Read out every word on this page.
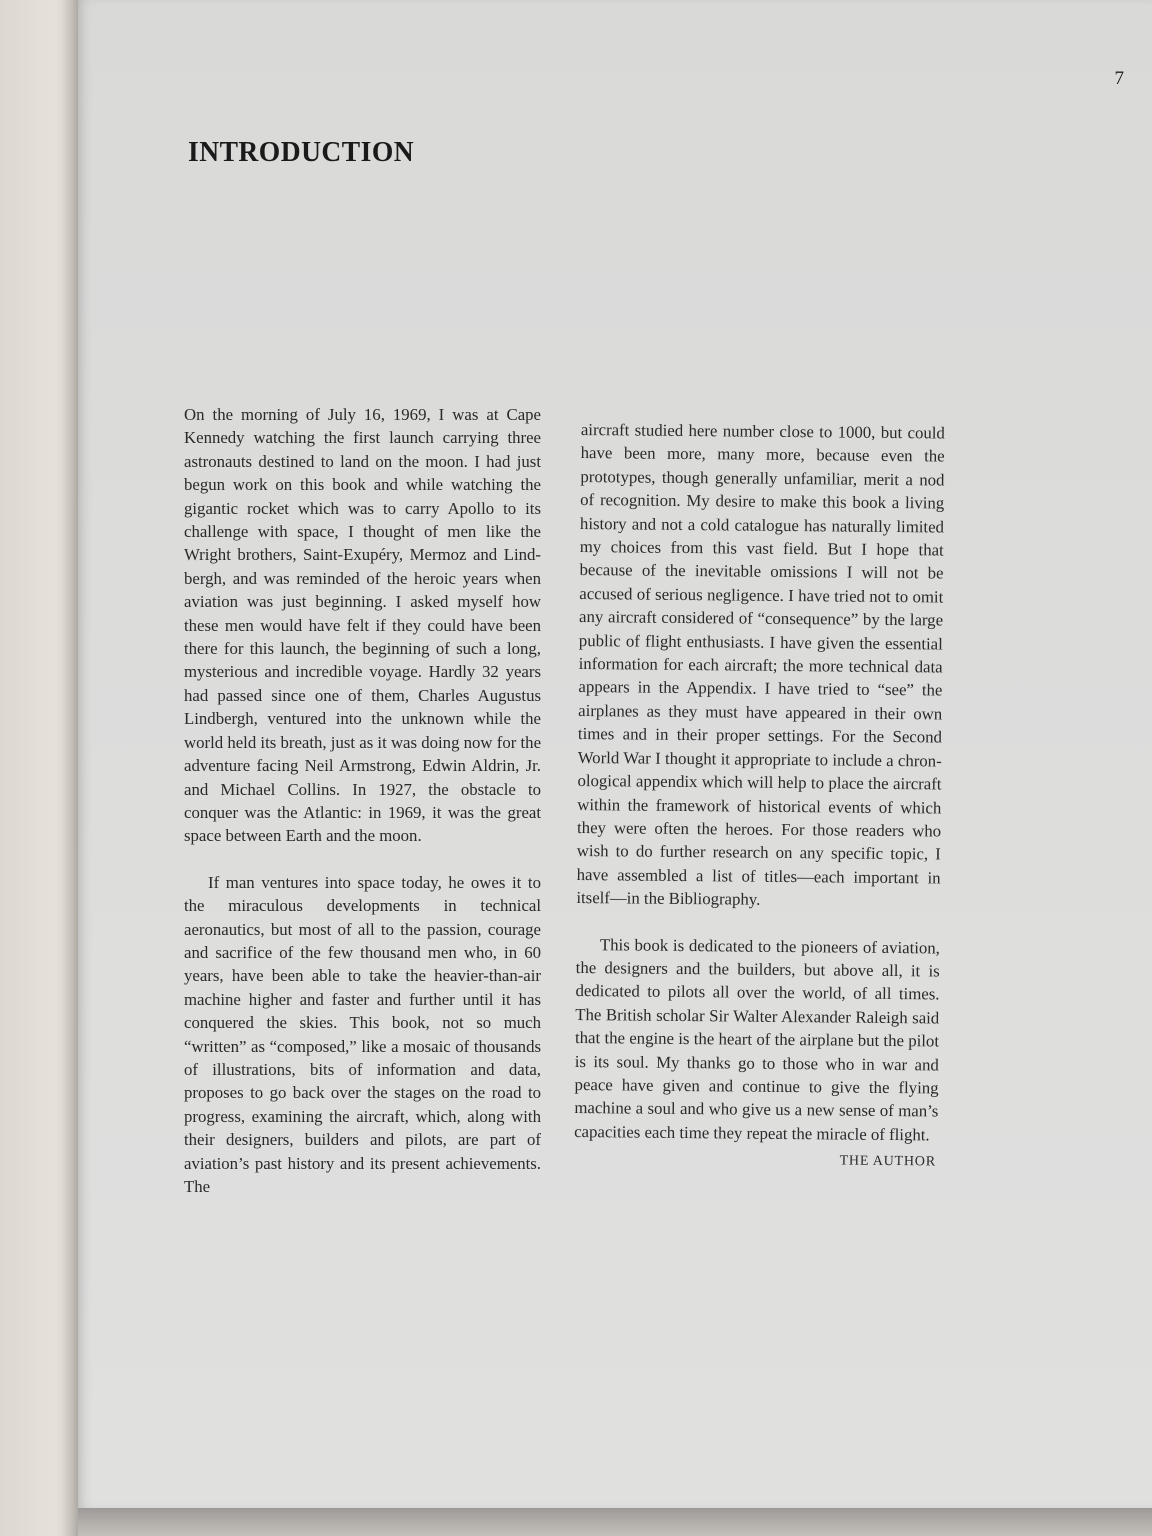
7
INTRODUCTION

On the morning of July 16, 1969, I was at Cape Kennedy watching the first launch carrying three astronauts destined to land on the moon. I had just begun work on this book and while watching the gigantic rocket which was to carry Apollo to its challenge with space, I thought of men like the Wright brothers, Saint-Exupéry, Mermoz and Lindbergh, and was reminded of the heroic years when aviation was just beginning. I asked myself how these men would have felt if they could have been there for this launch, the beginning of such a long, mysterious and incredible voyage. Hardly 32 years had passed since one of them, Charles Augustus Lindbergh, ventured into the unknown while the world held its breath, just as it was doing now for the adventure facing Neil Armstrong, Edwin Aldrin, Jr. and Michael Collins. In 1927, the obstacle to conquer was the Atlantic: in 1969, it was the great space between Earth and the moon.

If man ventures into space today, he owes it to the miraculous developments in technical aeronautics, but most of all to the passion, courage and sacrifice of the few thousand men who, in 60 years, have been able to take the heavier-than-air machine higher and faster and further until it has conquered the skies. This book, not so much “written” as “composed,” like a mosaic of thousands of illustrations, bits of information and data, proposes to go back over the stages on the road to progress, examining the aircraft, which, along with their designers, builders and pilots, are part of aviation’s past history and its present achievements. The

aircraft studied here number close to 1000, but could have been more, many more, because even the prototypes, though generally unfamiliar, merit a nod of recognition. My desire to make this book a living history and not a cold catalogue has naturally limited my choices from this vast field. But I hope that because of the inevitable omissions I will not be accused of serious negligence. I have tried not to omit any aircraft considered of “consequence” by the large public of flight enthusiasts. I have given the essential information for each aircraft; the more technical data appears in the Appendix. I have tried to “see” the airplanes as they must have appeared in their own times and in their proper settings. For the Second World War I thought it appropriate to include a chronological appendix which will help to place the aircraft within the framework of historical events of which they were often the heroes. For those readers who wish to do further research on any specific topic, I have assembled a list of titles—each important in itself—in the Bibliography.

This book is dedicated to the pioneers of aviation, the designers and the builders, but above all, it is dedicated to pilots all over the world, of all times. The British scholar Sir Walter Alexander Raleigh said that the engine is the heart of the airplane but the pilot is its soul. My thanks go to those who in war and peace have given and continue to give the flying machine a soul and who give us a new sense of man’s capacities each time they repeat the miracle of flight.

THE AUTHOR
